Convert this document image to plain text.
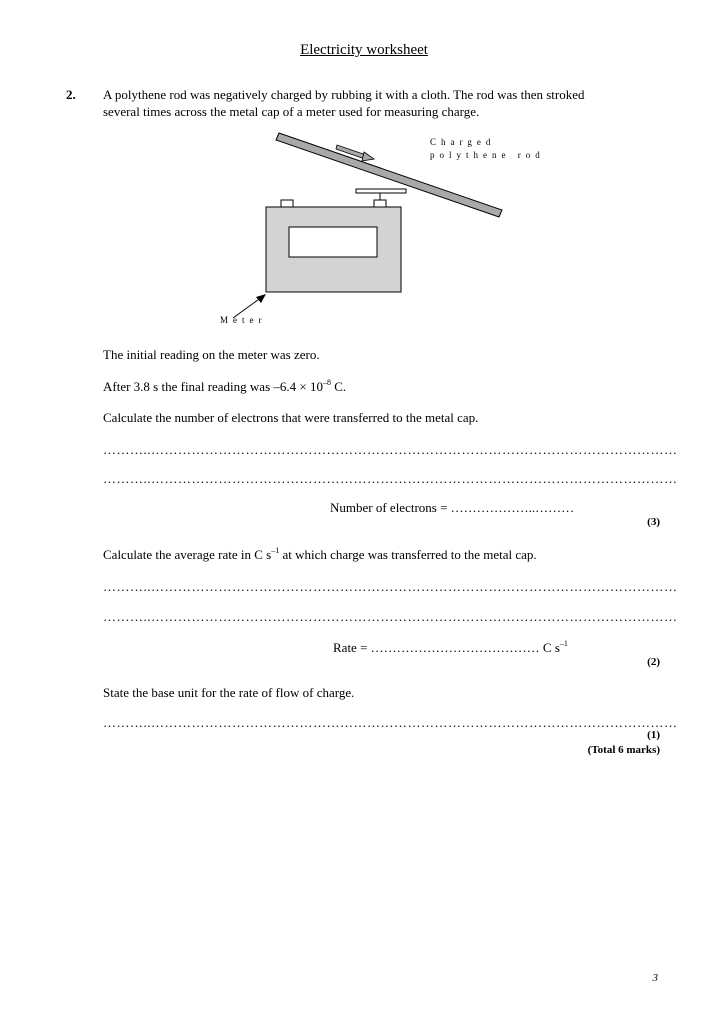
Electricity worksheet
2. A polythene rod was negatively charged by rubbing it with a cloth. The rod was then stroked
several times across the metal cap of a meter used for measuring charge.
Charged
polythene rod
Meter
The initial reading on the meter was zero.
After 3.8 s the final reading was $-6.4 \times 10^{-8}$ C.
Calculate the number of electrons that were transferred to the metal cap.
………..………………………………………………………………………………………………………
………..………………………………………………………………………………………………………
Number of electrons = ………………..………
(3)
Calculate the average rate in C $s^{-1}$ at which charge was transferred to the metal cap.
………..………………………………………………………………………………………………………
………..………………………………………………………………………………………………………
Rate = ………………………………… C $s^{-1}$
(2)
State the base unit for the rate of flow of charge.
………..………………………………………………………………………………………………………
(1)
(Total 6 marks)
3
